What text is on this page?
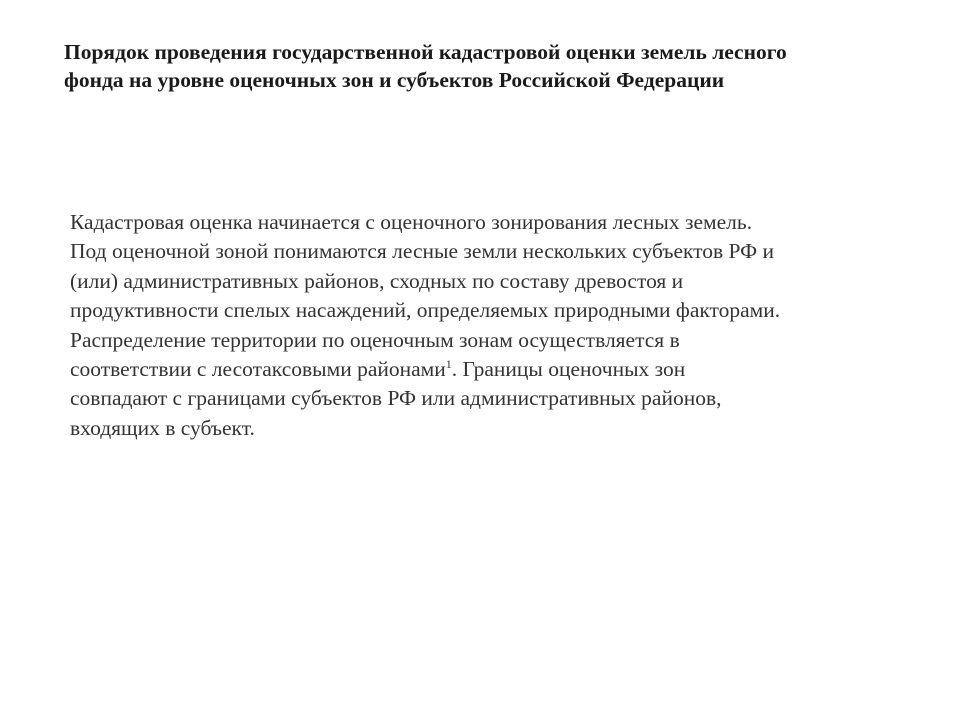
Порядок проведения государственной кадастровой оценки земель лесного
фонда на уровне оценочных зон и субъектов Российской Федерации
Кадастровая оценка начинается с оценочного зонирования лесных земель.
Под оценочной зоной понимаются лесные земли нескольких субъектов РФ и
(или) административных районов, сходных по составу древостоя и
продуктивности спелых насаждений, определяемых природными факторами.
Распределение территории по оценочным зонам осуществляется в
соответствии с лесотаксовыми районами$^1$. Границы оценочных зон
совпадают с границами субъектов РФ или административных районов,
входящих в субъект.
